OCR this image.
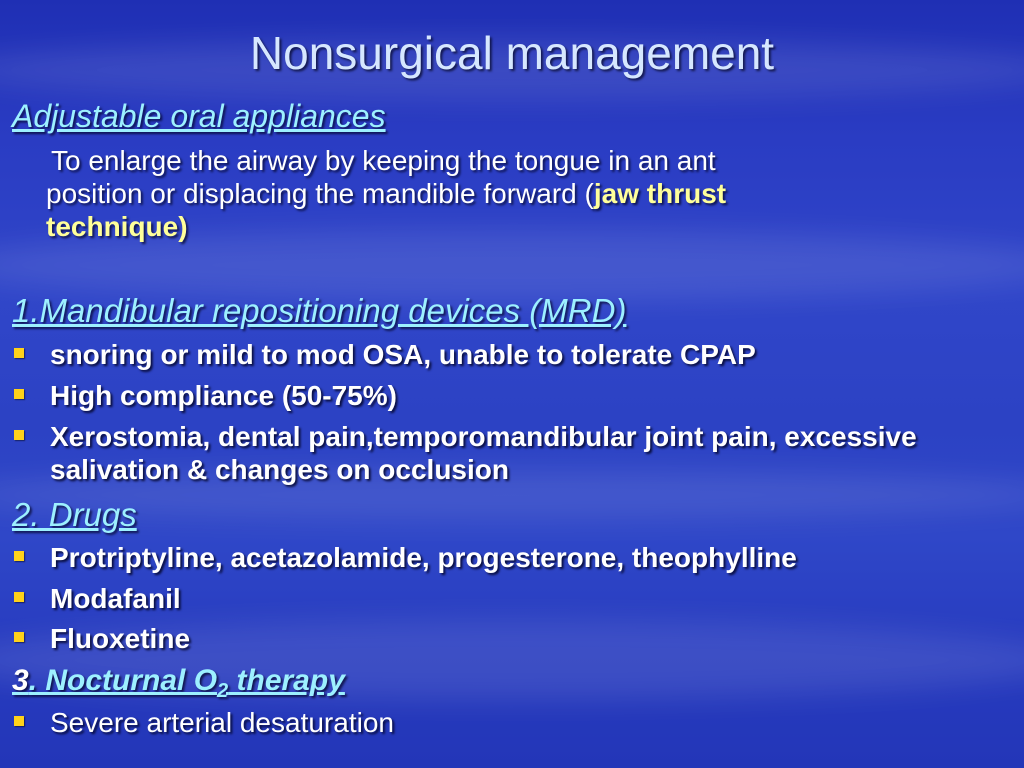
Nonsurgical management
Adjustable oral appliances
To enlarge the airway by keeping the tongue in an ant
position or displacing the mandible forward (jaw thrust
technique)
1.Mandibular repositioning devices (MRD)
snoring or mild to mod OSA, unable to tolerate CPAP
High compliance (50-75%)
Xerostomia, dental pain,temporomandibular joint pain, excessive salivation & changes on occlusion
2. Drugs
Protriptyline, acetazolamide, progesterone, theophylline
Modafanil
Fluoxetine
3. Nocturnal $O_2$ therapy
Severe arterial desaturation
